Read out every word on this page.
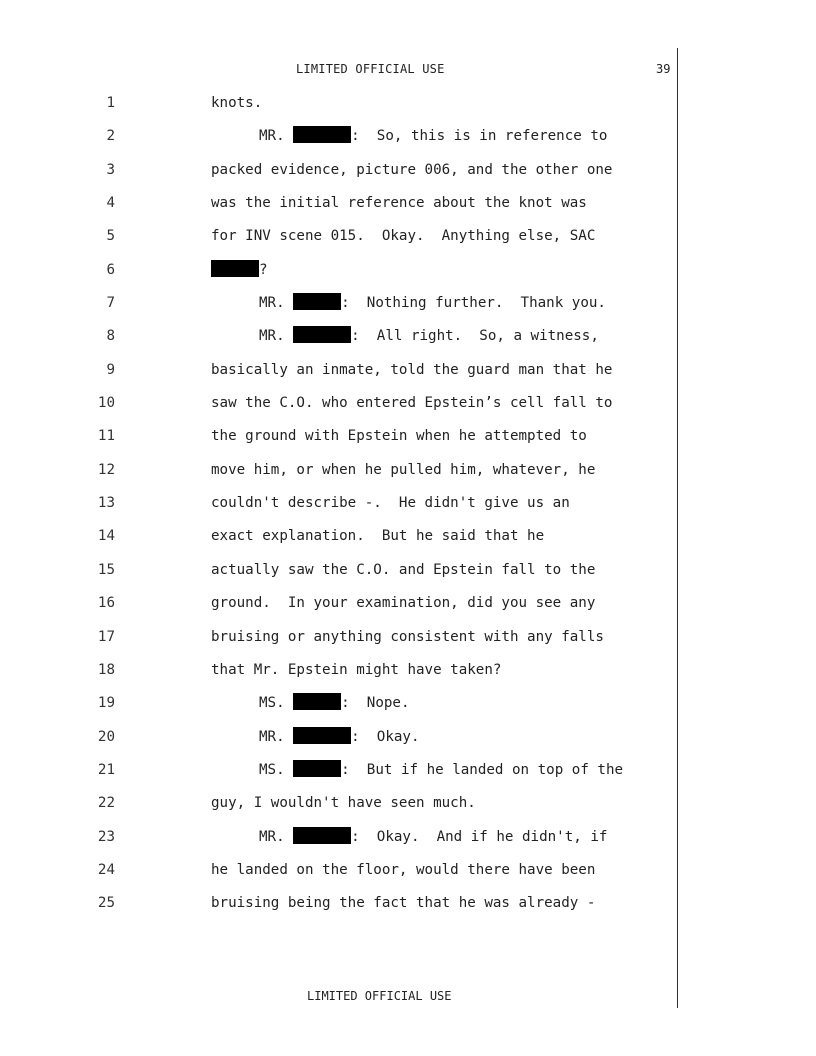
LIMITED OFFICIAL USE	39
1	knots.
2	MR.	:  So, this is in reference to
3	packed evidence, picture 006, and the other one
4	was the initial reference about the knot was
5	for INV scene 015.  Okay.  Anything else, SAC
6	?
7	MR.	:  Nothing further.  Thank you.
8	MR.	:  All right.  So, a witness,
9	basically an inmate, told the guard man that he
10	saw the C.O. who entered Epstein’s cell fall to
11	the ground with Epstein when he attempted to
12	move him, or when he pulled him, whatever, he
13	couldn't describe -.  He didn't give us an
14	exact explanation.  But he said that he
15	actually saw the C.O. and Epstein fall to the
16	ground.  In your examination, did you see any
17	bruising or anything consistent with any falls
18	that Mr. Epstein might have taken?
19	MS.	:  Nope.
20	MR.	:  Okay.
21	MS.	:  But if he landed on top of the
22	guy, I wouldn't have seen much.
23	MR.	:  Okay.  And if he didn't, if
24	he landed on the floor, would there have been
25	bruising being the fact that he was already -
LIMITED OFFICIAL USE
